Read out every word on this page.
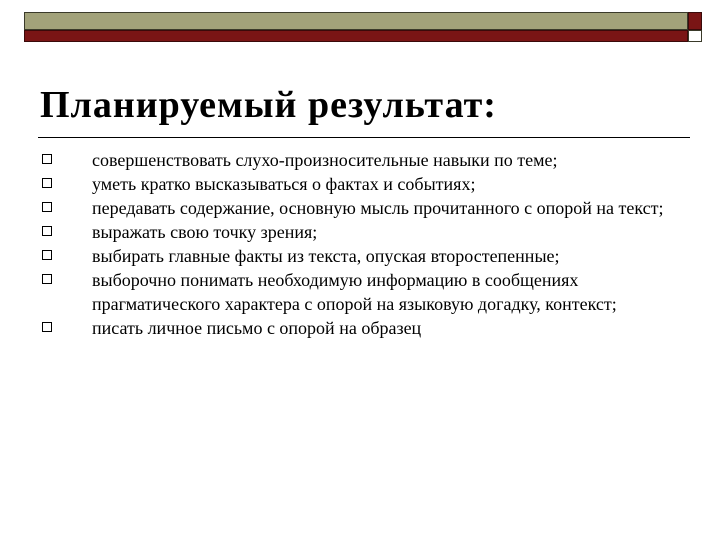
Планируемый результат:
совершенствовать слухо-произносительные навыки по теме;
уметь кратко высказываться о фактах и событиях;
передавать содержание, основную мысль прочитанного с опорой на текст;
выражать свою точку зрения;
выбирать главные факты из текста, опуская второстепенные;
выборочно понимать необходимую информацию в сообщениях прагматического характера с опорой на языковую догадку, контекст;
писать личное письмо с опорой на образец
